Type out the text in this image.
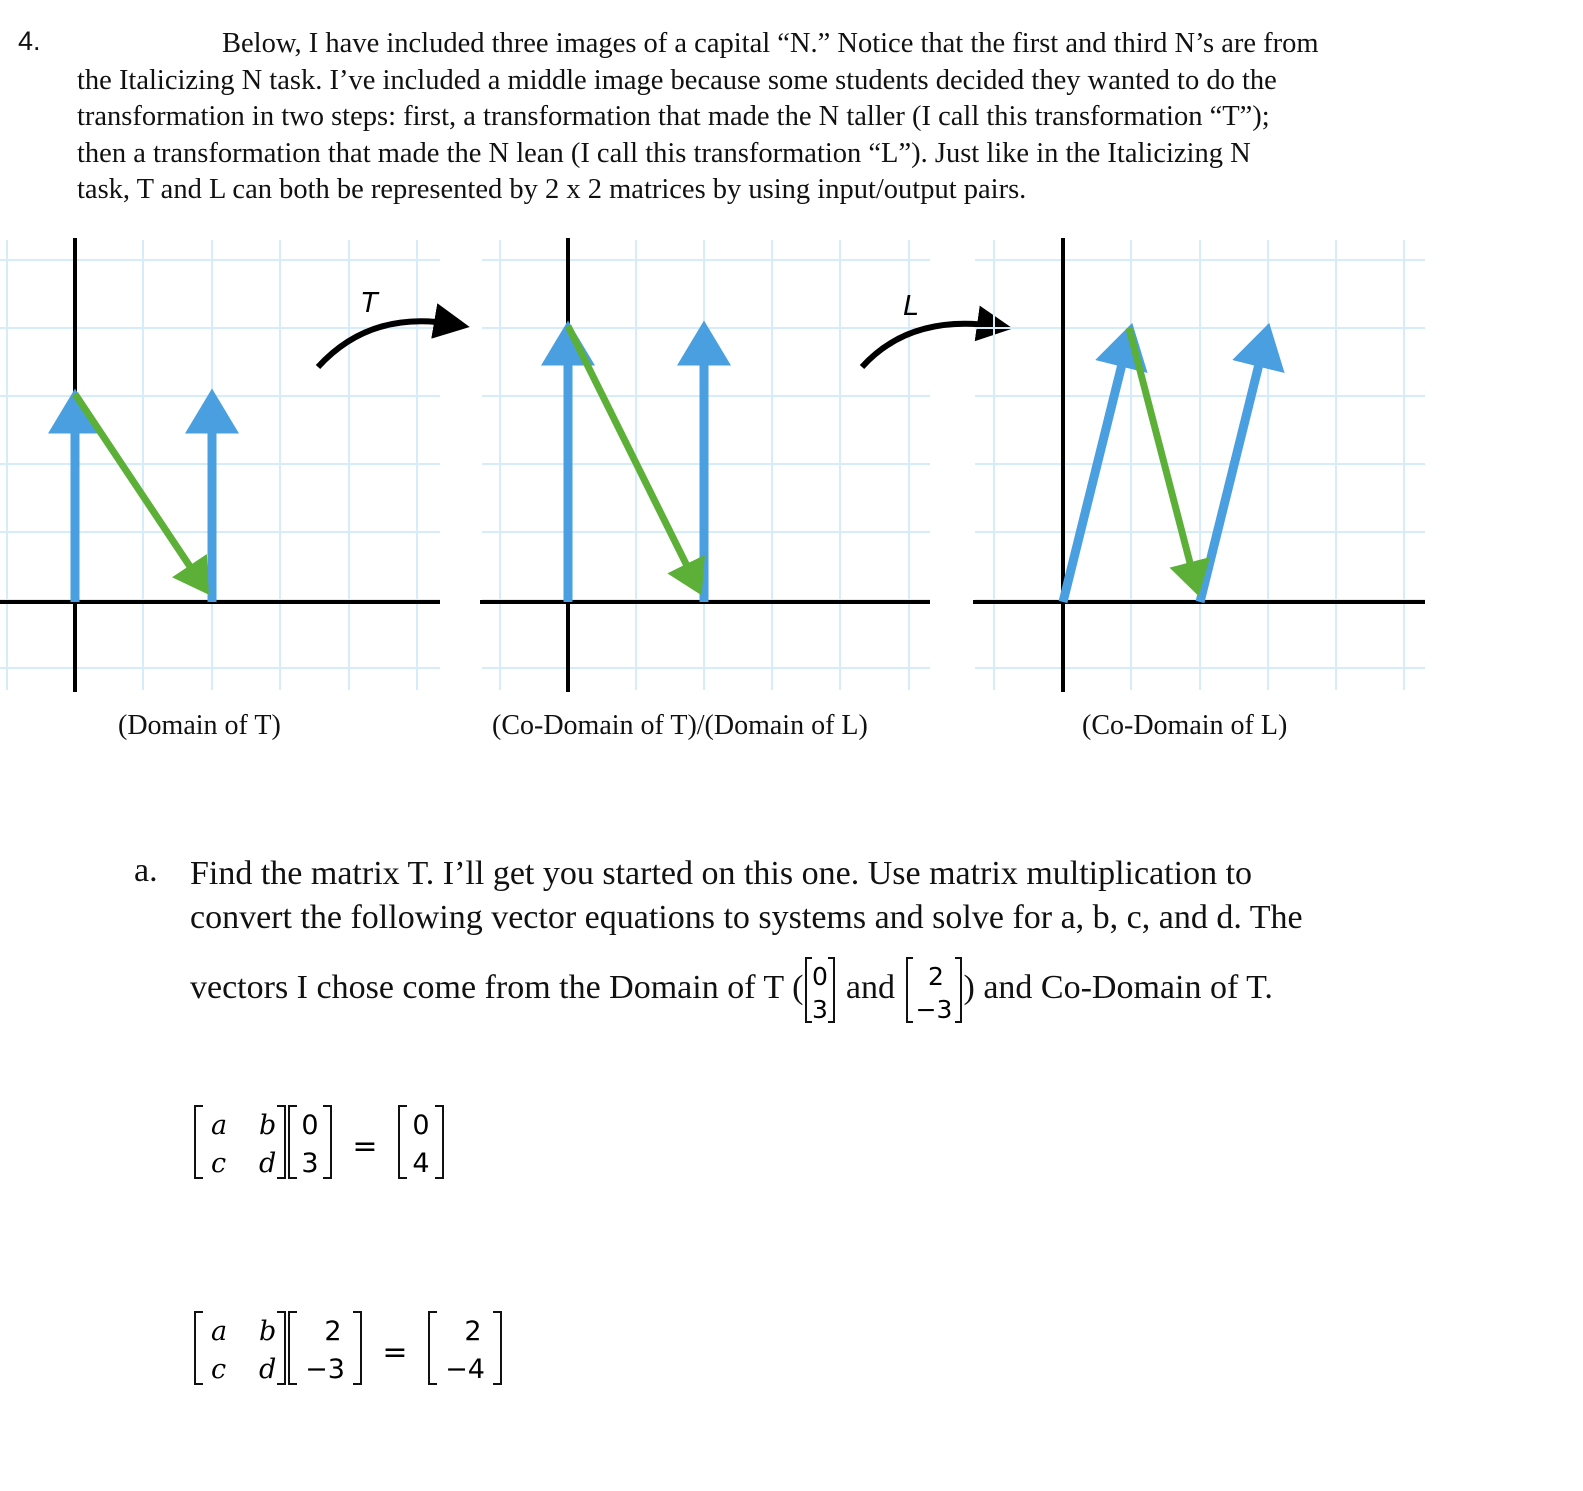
4.	Below, I have included three images of a capital “N.” Notice that the first and third N’s are from
the Italicizing N task. I’ve included a middle image because some students decided they wanted to do the
transformation in two steps: first, a transformation that made the N taller (I call this transformation “T”);
then a transformation that made the N lean (I call this transformation “L”). Just like in the Italicizing N
task, T and L can both be represented by 2 x 2 matrices by using input/output pairs.
T	L
(Domain of T)	(Co-Domain of T)/(Domain of L)	(Co-Domain of L)
a. Find the matrix T. I’ll get you started on this one. Use matrix multiplication to
convert the following vector equations to systems and solve for a, b, c, and d. The
vectors I chose come from the Domain of T ( 0
3
and 2
−3
) and Co-Domain of T.
a b
c d
0
3 =
0
4
a b
c d
2
−3 =
2
−4
